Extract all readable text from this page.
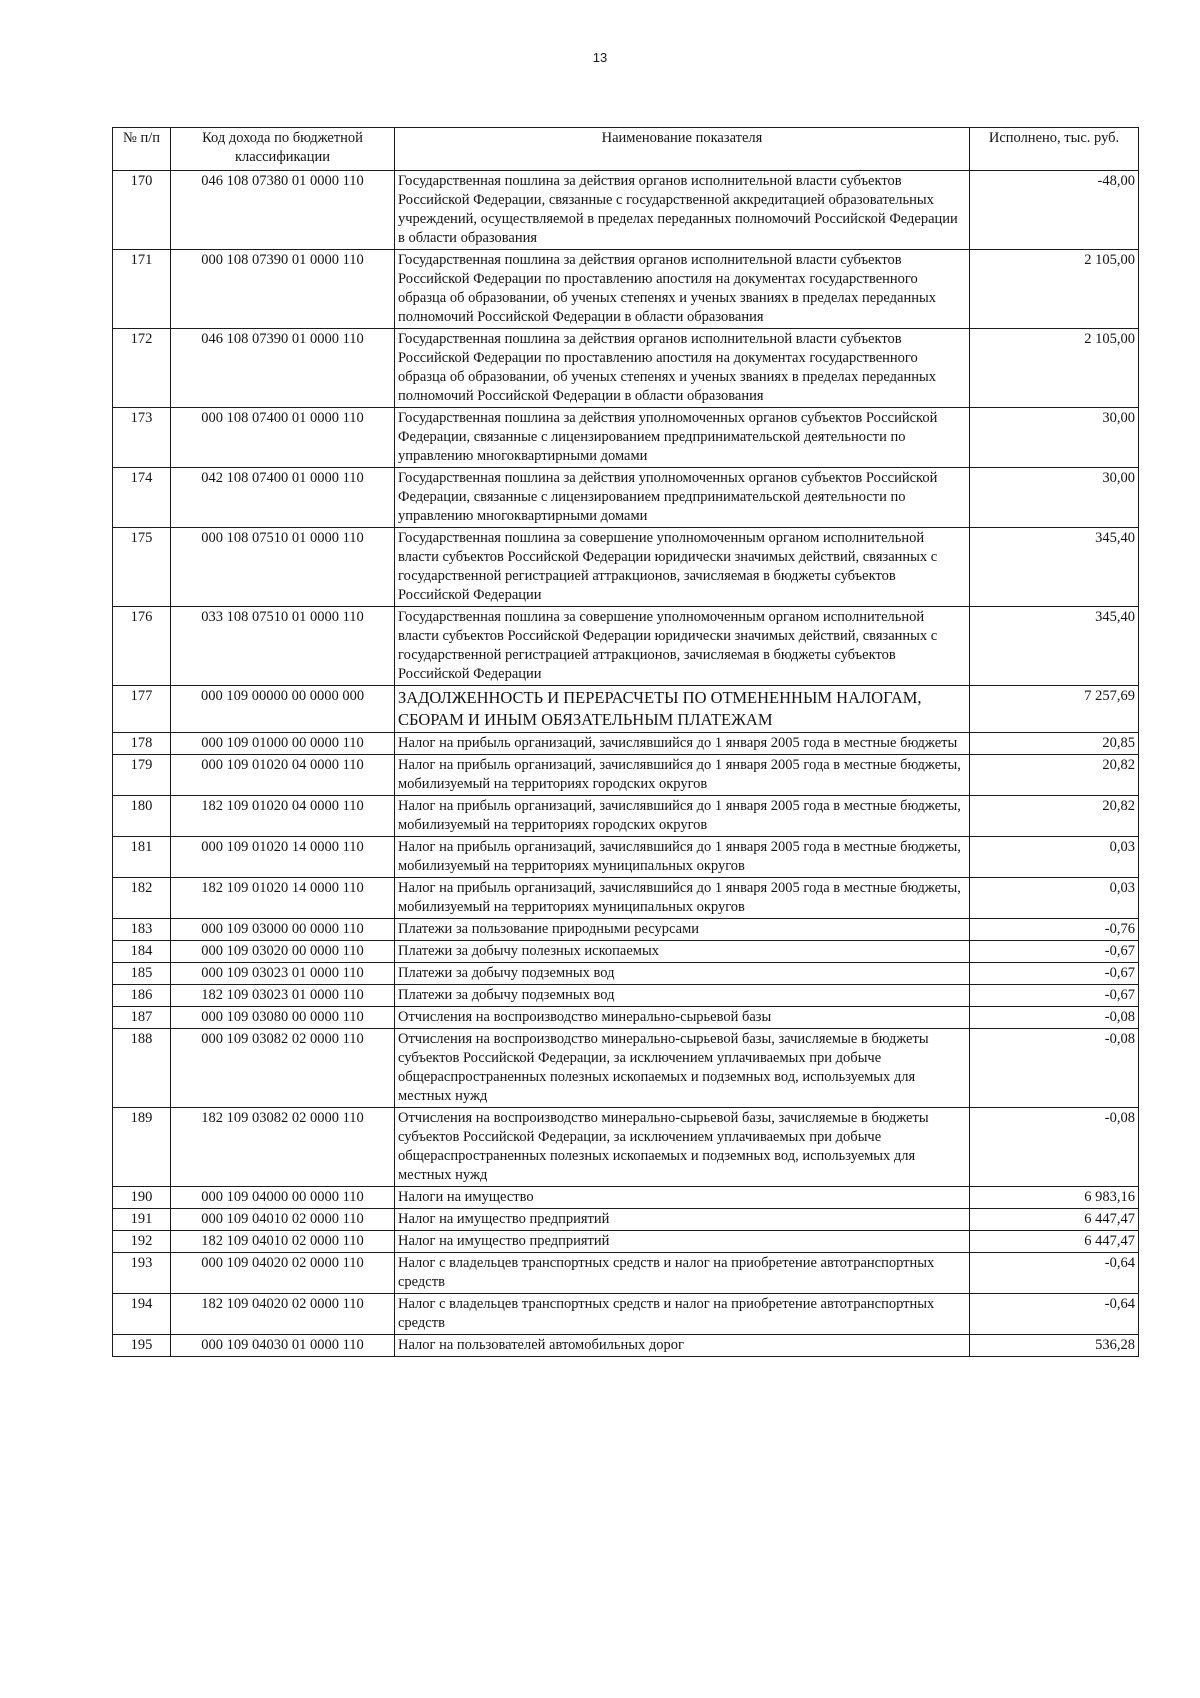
13
№ п/п	Код дохода по бюджетной классификации	Наименование показателя	Исполнено, тыс. руб.
170	046 108 07380 01 0000 110	Государственная пошлина за действия органов исполнительной власти субъектов Российской Федерации, связанные с государственной аккредитацией образовательных учреждений, осуществляемой в пределах переданных полномочий Российской Федерации в области образования	-48,00
171	000 108 07390 01 0000 110	Государственная пошлина за действия органов исполнительной власти субъектов Российской Федерации по проставлению апостиля на документах государственного образца об образовании, об ученых степенях и ученых званиях в пределах переданных полномочий Российской Федерации в области образования	2 105,00
172	046 108 07390 01 0000 110	Государственная пошлина за действия органов исполнительной власти субъектов Российской Федерации по проставлению апостиля на документах государственного образца об образовании, об ученых степенях и ученых званиях в пределах переданных полномочий Российской Федерации в области образования	2 105,00
173	000 108 07400 01 0000 110	Государственная пошлина за действия уполномоченных органов субъектов Российской Федерации, связанные с лицензированием предпринимательской деятельности по управлению многоквартирными домами	30,00
174	042 108 07400 01 0000 110	Государственная пошлина за действия уполномоченных органов субъектов Российской Федерации, связанные с лицензированием предпринимательской деятельности по управлению многоквартирными домами	30,00
175	000 108 07510 01 0000 110	Государственная пошлина за совершение уполномоченным органом исполнительной власти субъектов Российской Федерации юридически значимых действий, связанных с государственной регистрацией аттракционов, зачисляемая в бюджеты субъектов Российской Федерации	345,40
176	033 108 07510 01 0000 110	Государственная пошлина за совершение уполномоченным органом исполнительной власти субъектов Российской Федерации юридически значимых действий, связанных с государственной регистрацией аттракционов, зачисляемая в бюджеты субъектов Российской Федерации	345,40
177	000 109 00000 00 0000 000	ЗАДОЛЖЕННОСТЬ И ПЕРЕРАСЧЕТЫ ПО ОТМЕНЕННЫМ НАЛОГАМ, СБОРАМ И ИНЫМ ОБЯЗАТЕЛЬНЫМ ПЛАТЕЖАМ	7 257,69
178	000 109 01000 00 0000 110	Налог на прибыль организаций, зачислявшийся до 1 января 2005 года в местные бюджеты	20,85
179	000 109 01020 04 0000 110	Налог на прибыль организаций, зачислявшийся до 1 января 2005 года в местные бюджеты, мобилизуемый на территориях городских округов	20,82
180	182 109 01020 04 0000 110	Налог на прибыль организаций, зачислявшийся до 1 января 2005 года в местные бюджеты, мобилизуемый на территориях городских округов	20,82
181	000 109 01020 14 0000 110	Налог на прибыль организаций, зачислявшийся до 1 января 2005 года в местные бюджеты, мобилизуемый на территориях муниципальных округов	0,03
182	182 109 01020 14 0000 110	Налог на прибыль организаций, зачислявшийся до 1 января 2005 года в местные бюджеты, мобилизуемый на территориях муниципальных округов	0,03
183	000 109 03000 00 0000 110	Платежи за пользование природными ресурсами	-0,76
184	000 109 03020 00 0000 110	Платежи за добычу полезных ископаемых	-0,67
185	000 109 03023 01 0000 110	Платежи за добычу подземных вод	-0,67
186	182 109 03023 01 0000 110	Платежи за добычу подземных вод	-0,67
187	000 109 03080 00 0000 110	Отчисления на воспроизводство минерально-сырьевой базы	-0,08
188	000 109 03082 02 0000 110	Отчисления на воспроизводство минерально-сырьевой базы, зачисляемые в бюджеты субъектов Российской Федерации, за исключением уплачиваемых при добыче общераспространенных полезных ископаемых и подземных вод, используемых для местных нужд	-0,08
189	182 109 03082 02 0000 110	Отчисления на воспроизводство минерально-сырьевой базы, зачисляемые в бюджеты субъектов Российской Федерации, за исключением уплачиваемых при добыче общераспространенных полезных ископаемых и подземных вод, используемых для местных нужд	-0,08
190	000 109 04000 00 0000 110	Налоги на имущество	6 983,16
191	000 109 04010 02 0000 110	Налог на имущество предприятий	6 447,47
192	182 109 04010 02 0000 110	Налог на имущество предприятий	6 447,47
193	000 109 04020 02 0000 110	Налог с владельцев транспортных средств и налог на приобретение автотранспортных средств	-0,64
194	182 109 04020 02 0000 110	Налог с владельцев транспортных средств и налог на приобретение автотранспортных средств	-0,64
195	000 109 04030 01 0000 110	Налог на пользователей автомобильных дорог	536,28
